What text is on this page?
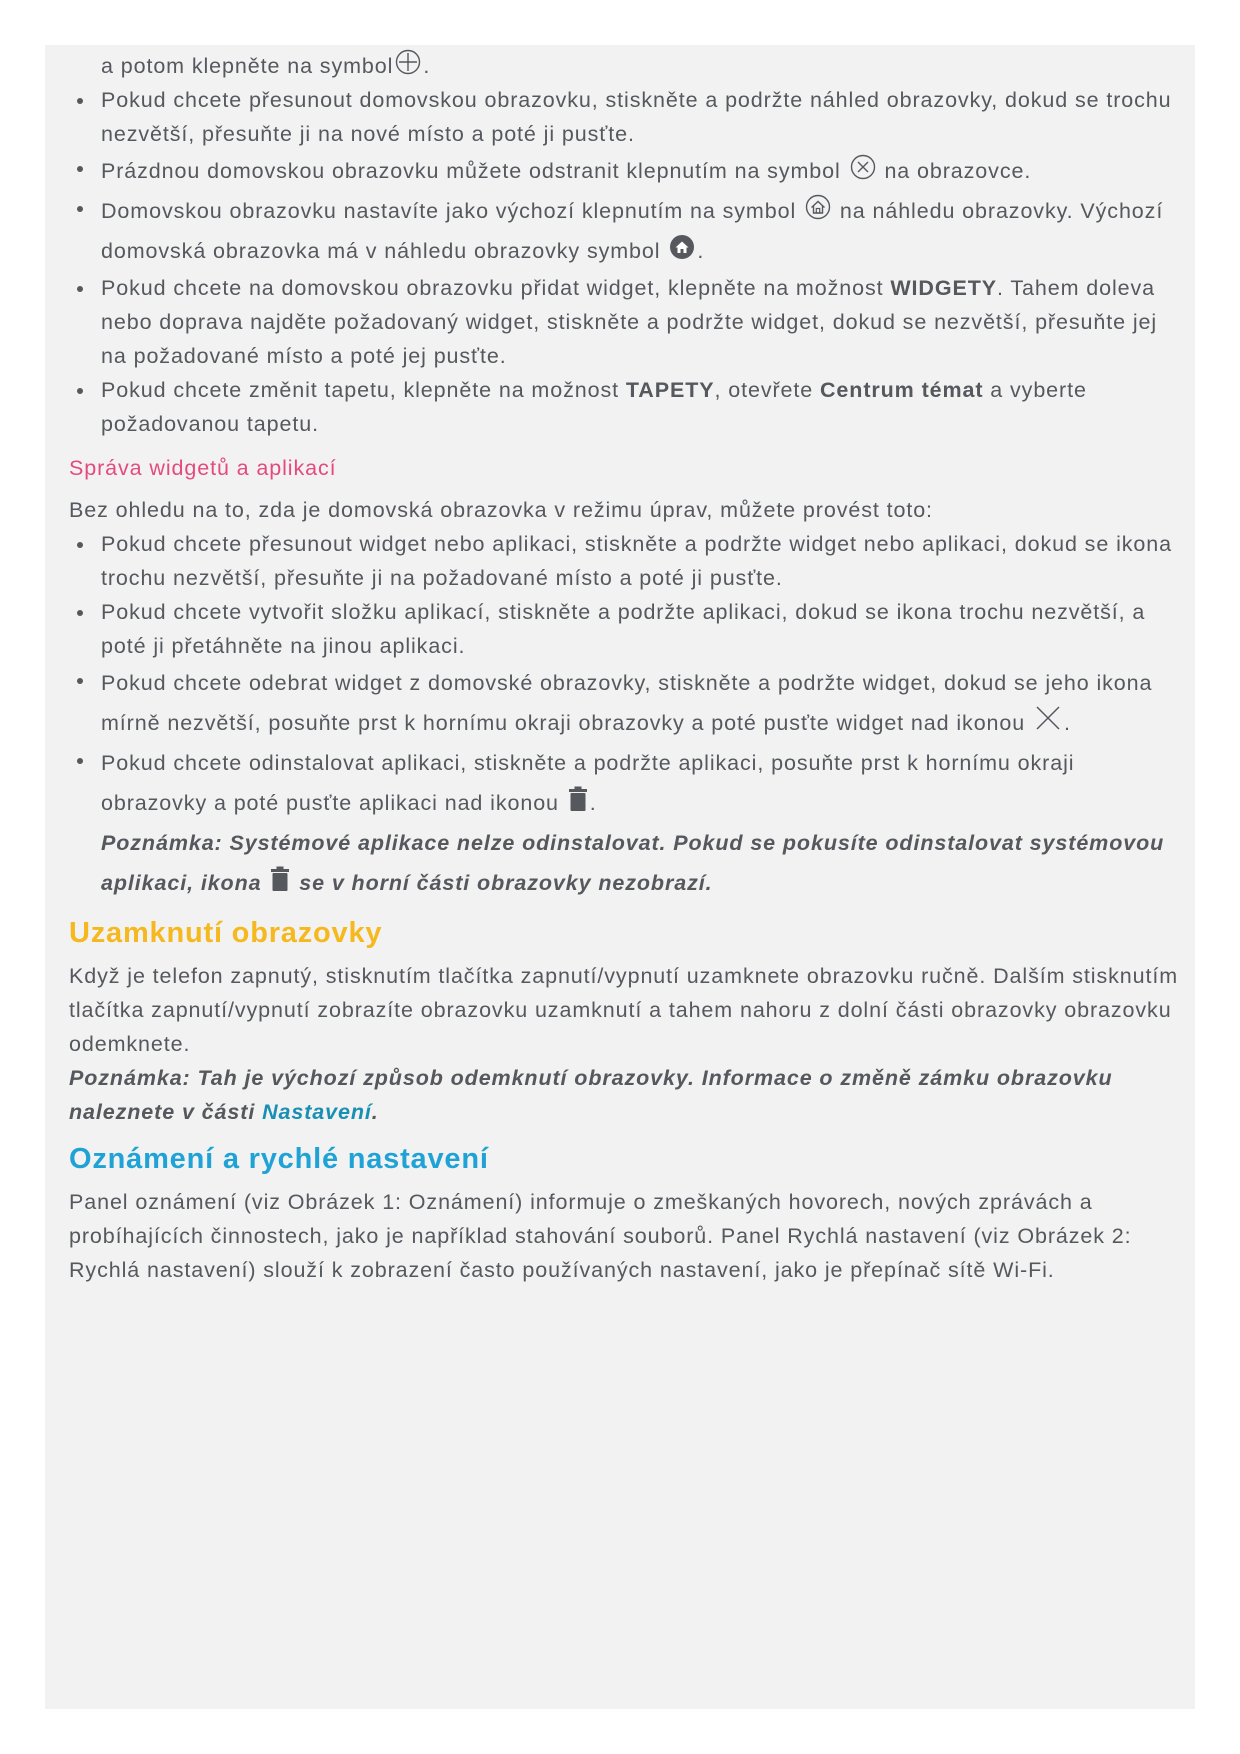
a potom klepněte na symbol .

Pokud chcete přesunout domovskou obrazovku, stiskněte a podržte náhled obrazovky, dokud se trochu nezvětší, přesuňte ji na nové místo a poté ji pusťte.
Prázdnou domovskou obrazovku můžete odstranit klepnutím na symbol na obrazovce.
Domovskou obrazovku nastavíte jako výchozí klepnutím na symbol na náhledu obrazovky. Výchozí domovská obrazovka má v náhledu obrazovky symbol .
Pokud chcete na domovskou obrazovku přidat widget, klepněte na možnost WIDGETY. Tahem doleva nebo doprava najděte požadovaný widget, stiskněte a podržte widget, dokud se nezvětší, přesuňte jej na požadované místo a poté jej pusťte.
Pokud chcete změnit tapetu, klepněte na možnost TAPETY, otevřete Centrum témat a vyberte požadovanou tapetu.

Správa widgetů a aplikací

Bez ohledu na to, zda je domovská obrazovka v režimu úprav, můžete provést toto:

Pokud chcete přesunout widget nebo aplikaci, stiskněte a podržte widget nebo aplikaci, dokud se ikona trochu nezvětší, přesuňte ji na požadované místo a poté ji pusťte.
Pokud chcete vytvořit složku aplikací, stiskněte a podržte aplikaci, dokud se ikona trochu nezvětší, a poté ji přetáhněte na jinou aplikaci.
Pokud chcete odebrat widget z domovské obrazovky, stiskněte a podržte widget, dokud se jeho ikona mírně nezvětší, posuňte prst k hornímu okraji obrazovky a poté pusťte widget nad ikonou .
Pokud chcete odinstalovat aplikaci, stiskněte a podržte aplikaci, posuňte prst k hornímu okraji obrazovky a poté pusťte aplikaci nad ikonou .

Poznámka: Systémové aplikace nelze odinstalovat. Pokud se pokusíte odinstalovat systémovou aplikaci, ikona se v horní části obrazovky nezobrazí.

Uzamknutí obrazovky

Když je telefon zapnutý, stisknutím tlačítka zapnutí/vypnutí uzamknete obrazovku ručně. Dalším stisknutím tlačítka zapnutí/vypnutí zobrazíte obrazovku uzamknutí a tahem nahoru z dolní části obrazovky obrazovku odemknete.

Poznámka: Tah je výchozí způsob odemknutí obrazovky. Informace o změně zámku obrazovku naleznete v části Nastavení.

Oznámení a rychlé nastavení

Panel oznámení (viz Obrázek 1: Oznámení) informuje o zmeškaných hovorech, nových zprávách a probíhajících činnostech, jako je například stahování souborů. Panel Rychlá nastavení (viz Obrázek 2: Rychlá nastavení) slouží k zobrazení často používaných nastavení, jako je přepínač sítě Wi-Fi.
